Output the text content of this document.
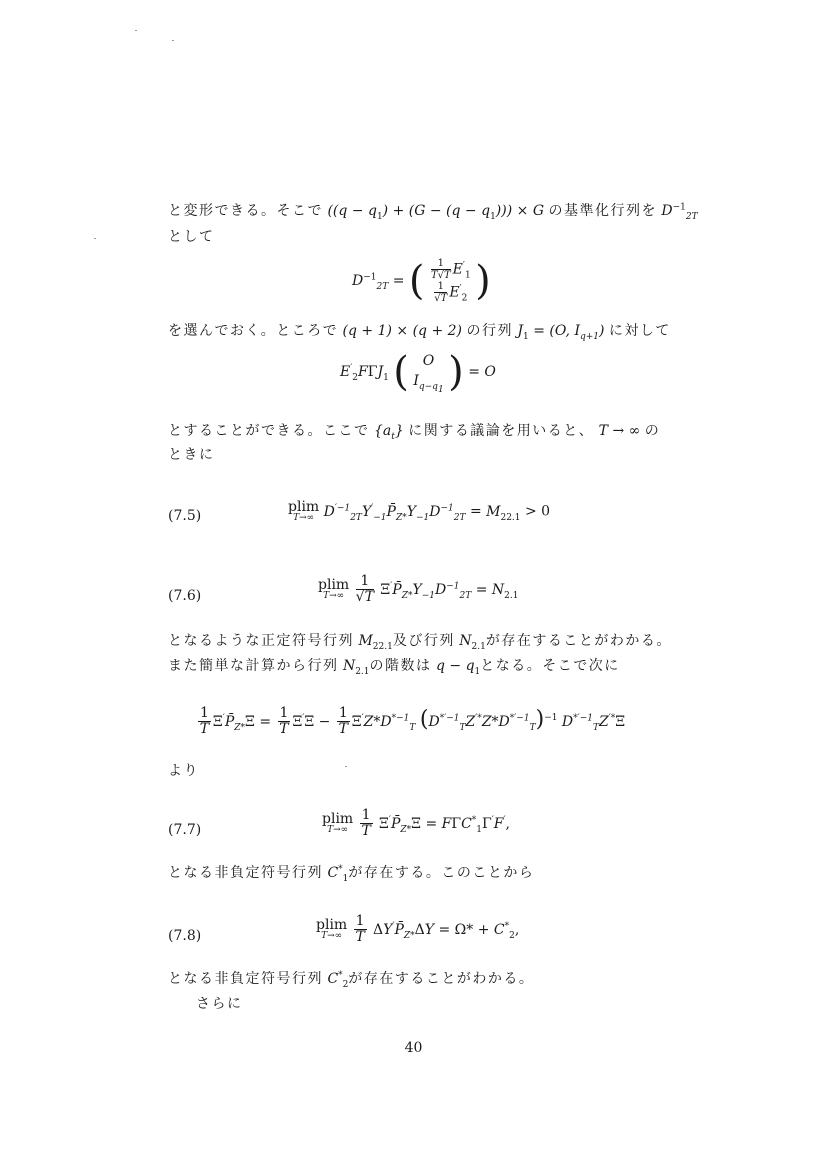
と変形できる。そこで $((q - q_1) + (G - (q - q_1))) \times G$ の基準化行列を $D^{-1}_{2T}$
として
$D^{-1}_{2T}$ = ( $\frac{1}{T√T} E'_1$
$\frac{1}{√T} E'_2$ )
を選んでおく。ところで (q + 1) × (q + 2) の行列 $J_1 = (O$, $I_{q+1}$) に対して
$E'_2F\Gamma J_1$ ( O
$I_{q-q_1}$ ) = O
とすることができる。ここで $\{a_t\}$ に関する議論を用いると、 T → ∞ の
ときに
(7.5)
plim
T→∞ $D^{'-1}_{2T}Y'_{-1}P̄_{Z*}Y_{-1}D^{-1}_{2T} = M_{22.1} > 0$
(7.6)
plim
T→∞
$\frac{1}{√T}$ $\Xi'P̄_{Z*}Y_{-1}D^{-1}_{2T} = N_{2.1}$
となるような正定符号行列 $M_{22.1}$及び行列 $N_{2.1}$が存在することがわかる。
また簡単な計算から行列 $N_{2.1}$の階数は $q - q_1$となる。そこで次に
$\frac{1}{T}$ $\Xi'P̄_{Z*}\Xi = \frac{1}{T} \Xi'\Xi - \frac{1}{T} \Xi'Z*D^{*-1}_T$ $(D^{*'-1}_TZ^{'*}Z*D^{*'-1}_T)^{-1}$ $D^{*'-1}_TZ^{'*}\Xi$
より
(7.7)
plim
T→∞
$\frac{1}{T}$ $\Xi'P̄_{Z*}\Xi = F\Gamma C^*_1\Gamma'F'$,
となる非負定符号行列 $C^*_1$が存在する。このことから
(7.8)
plim
T→∞
$\frac{1}{T}$ $\Delta Y'P̄_{Z*}\Delta Y = \Omega* + C^*_2$,
となる非負定符号行列 $C^*_2$が存在することがわかる。
さらに
40
